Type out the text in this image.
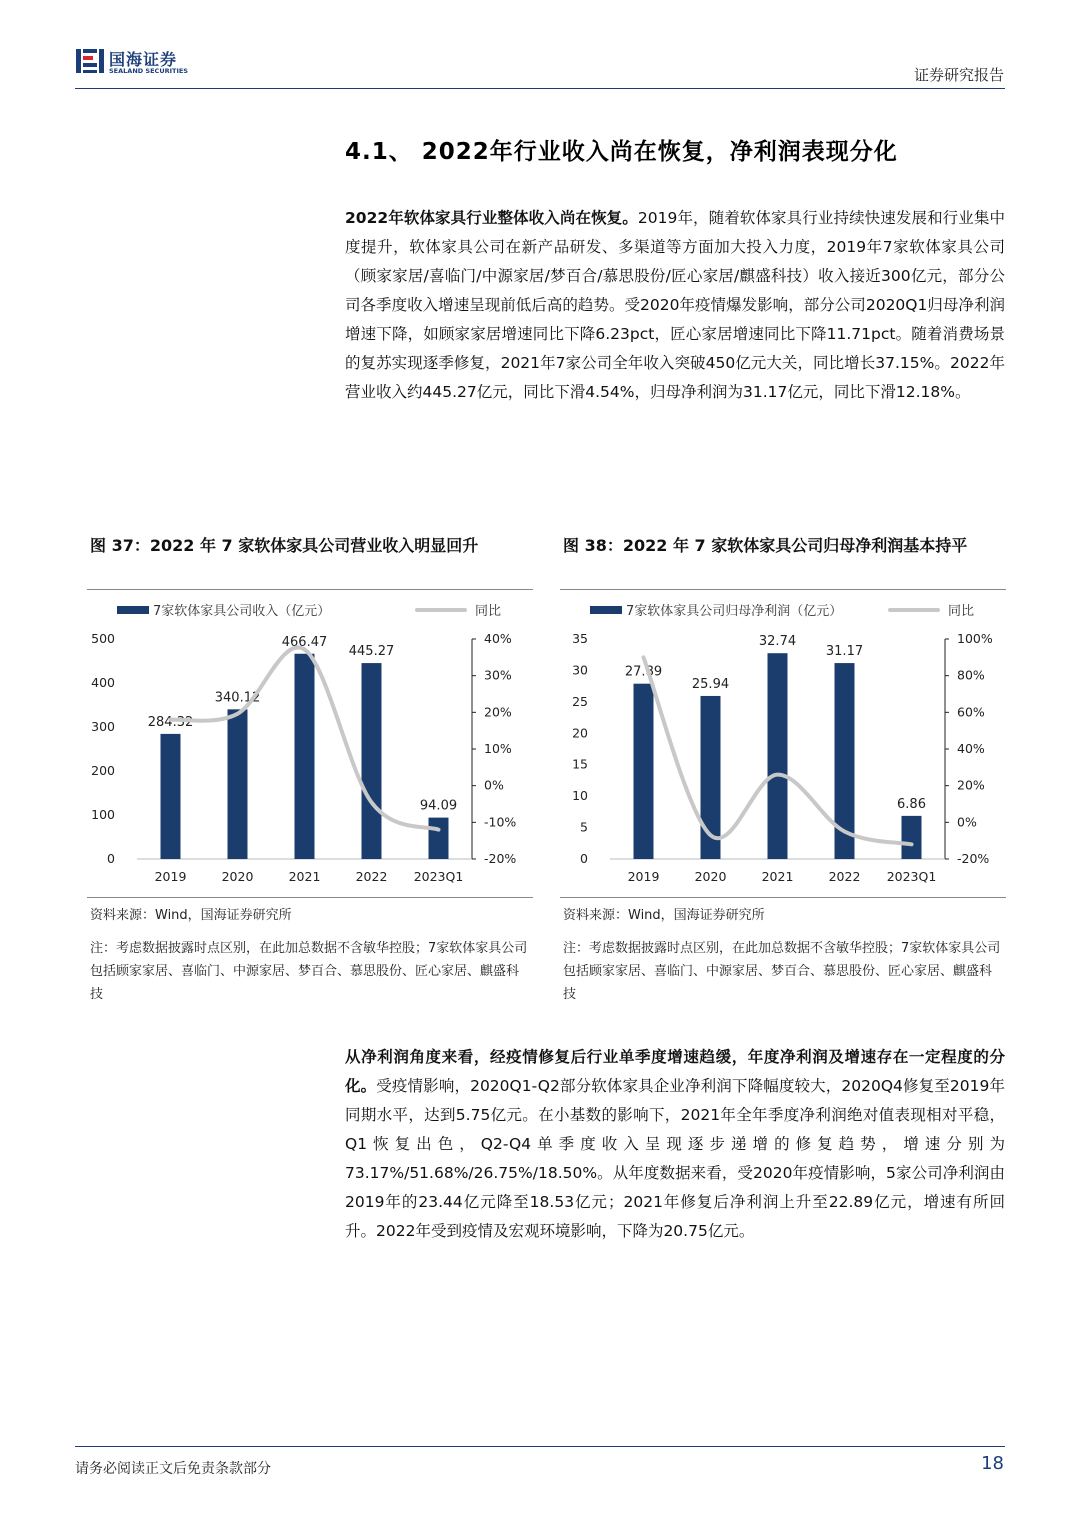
国海证券
SEALAND SECURITIES	证券研究报告
4.1、 2022年行业收入尚在恢复，净利润表现分化
2022年软体家具行业整体收入尚在恢复。2019年，随着软体家具行业持续快速发展和行业集中度提升，软体家具公司在新产品研发、多渠道等方面加大投入力度，2019年7家软体家具公司（顾家家居/喜临门/中源家居/梦百合/慕思股份/匠心家居/麒盛科技）收入接近300亿元，部分公司各季度收入增速呈现前低后高的趋势。受2020年疫情爆发影响，部分公司2020Q1归母净利润增速下降，如顾家家居增速同比下降6.23pct，匠心家居增速同比下降11.71pct。随着消费场景的复苏实现逐季修复，2021年7家公司全年收入突破450亿元大关，同比增长37.15%。2022年营业收入约445.27亿元，同比下滑4.54%，归母净利润为31.17亿元，同比下滑12.18%。
图 37：2022 年 7 家软体家具公司营业收入明显回升	图 38：2022 年 7 家软体家具公司归母净利润基本持平
7家软体家具公司收入（亿元）	同比
0
100
200
300
400
500
-20%
-10%
0%
10%
20%
30%
40%
284.32
2019
340.12
2020
466.47
2021
445.27
2022
94.09
2023Q1
7家软体家具公司归母净利润（亿元）	同比
0
5
10
15
20
25
30
35
-20%
0%
20%
40%
60%
80%
100%
27.89
2019
25.94
2020
32.74
2021
31.17
2022
6.86
2023Q1
资料来源：Wind，国海证券研究所	资料来源：Wind，国海证券研究所
注：考虑数据披露时点区别，在此加总数据不含敏华控股；7家软体家具公司包括顾家家居、喜临门、中源家居、梦百合、慕思股份、匠心家居、麒盛科技
注：考虑数据披露时点区别，在此加总数据不含敏华控股；7家软体家具公司包括顾家家居、喜临门、中源家居、梦百合、慕思股份、匠心家居、麒盛科技
从净利润角度来看，经疫情修复后行业单季度增速趋缓，年度净利润及增速存在一定程度的分化。受疫情影响，2020Q1-Q2部分软体家具企业净利润下降幅度较大，2020Q4修复至2019年同期水平，达到5.75亿元。在小基数的影响下，2021年全年季度净利润绝对值表现相对平稳，Q1恢复出色，Q2-Q4单季度收入呈现逐步递增的修复趋势，增速分别为73.17%/51.68%/26.75%/18.50%。从年度数据来看，受2020年疫情影响，5家公司净利润由2019年的23.44亿元降至18.53亿元；2021年修复后净利润上升至22.89亿元，增速有所回升。2022年受到疫情及宏观环境影响，下降为20.75亿元。
请务必阅读正文后免责条款部分	18
